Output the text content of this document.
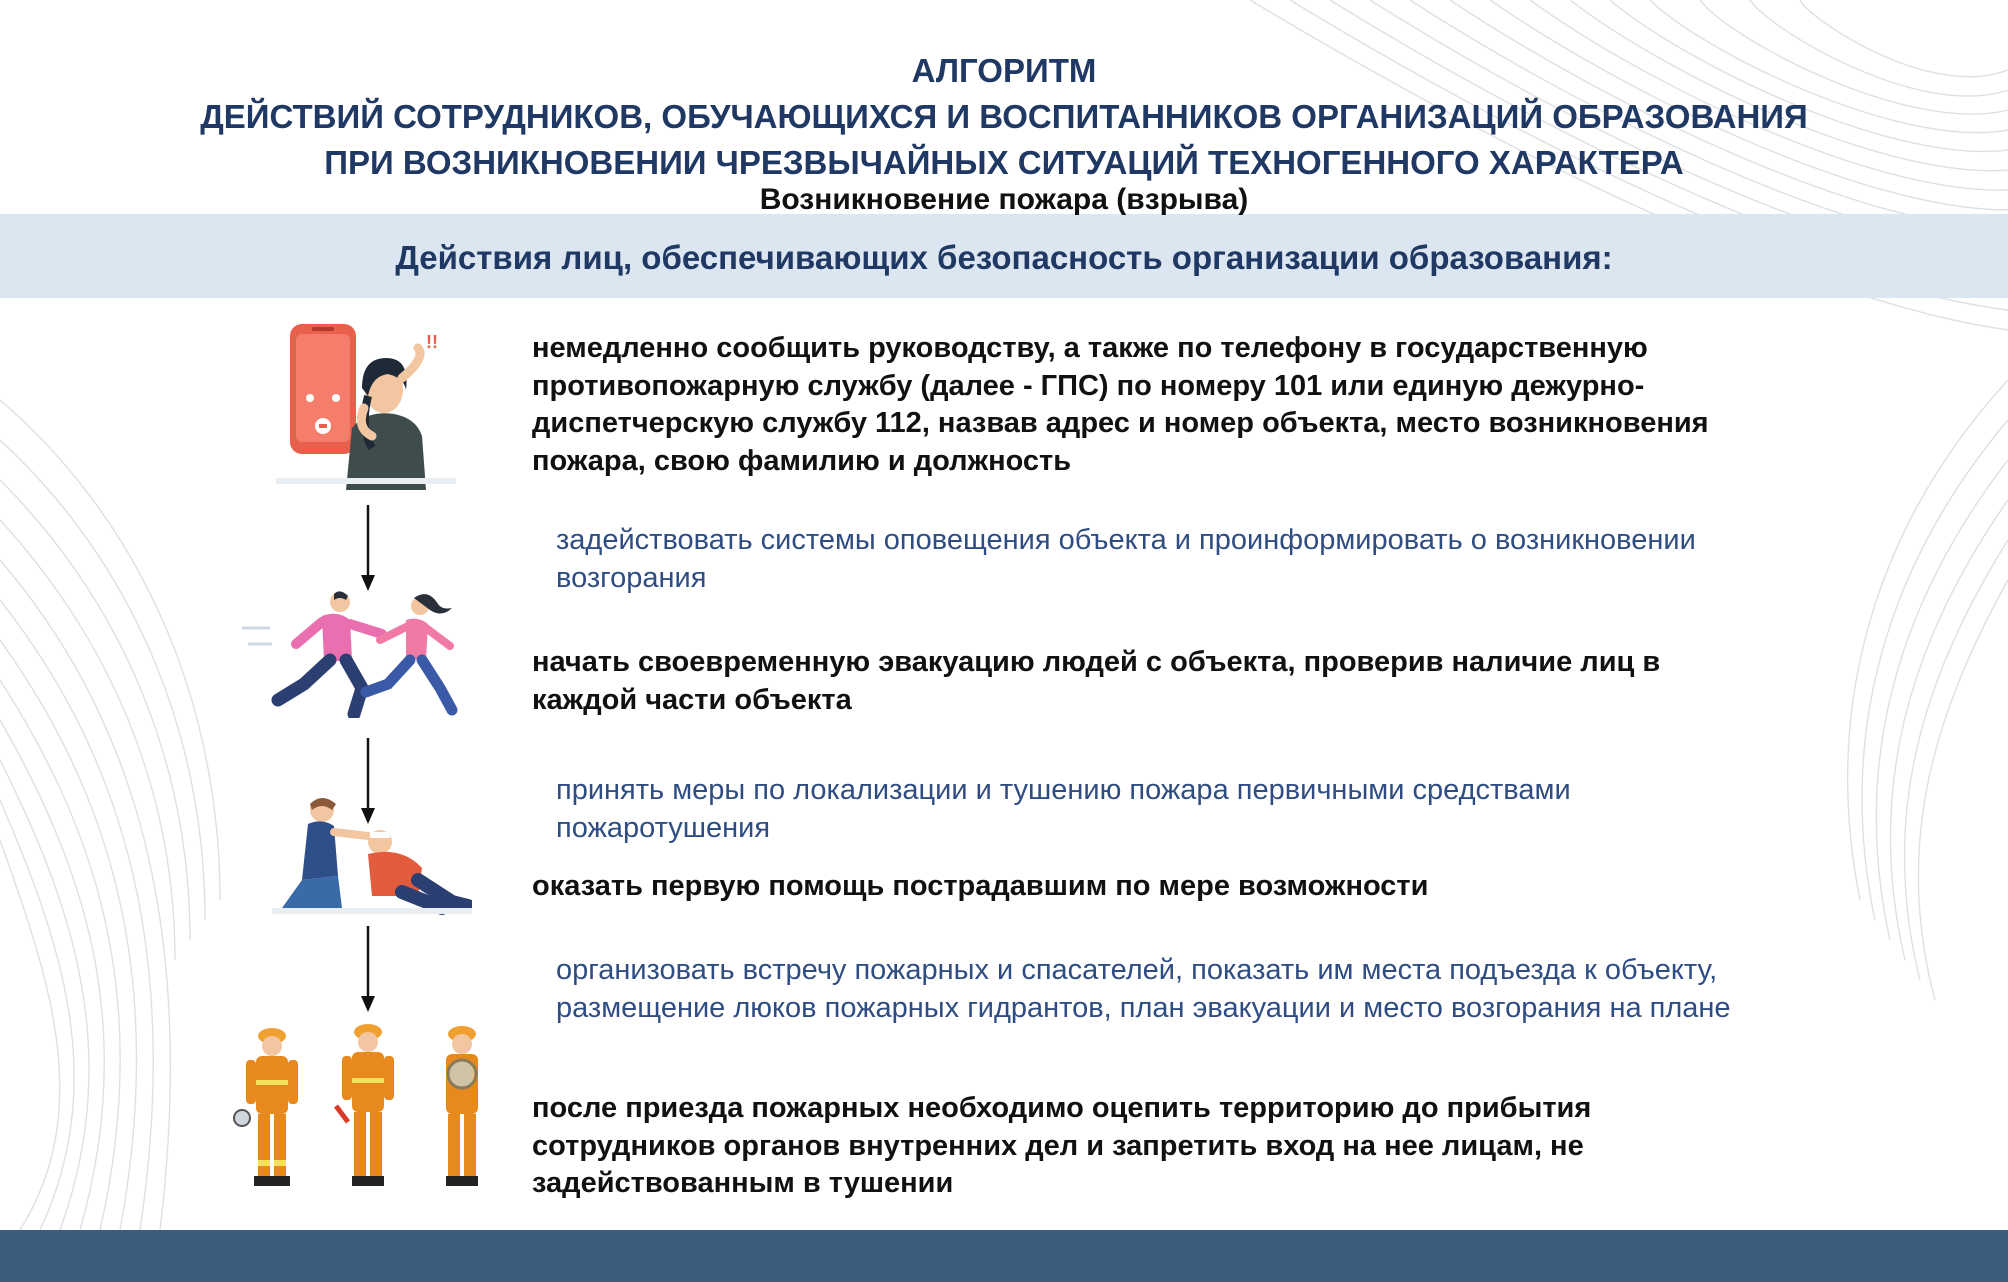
АЛГОРИТМ
ДЕЙСТВИЙ СОТРУДНИКОВ, ОБУЧАЮЩИХСЯ И ВОСПИТАННИКОВ ОРГАНИЗАЦИЙ ОБРАЗОВАНИЯ
ПРИ ВОЗНИКНОВЕНИИ ЧРЕЗВЫЧАЙНЫХ СИТУАЦИЙ ТЕХНОГЕННОГО ХАРАКТЕРА
Возникновение пожара (взрыва)
Действия лиц, обеспечивающих безопасность организации образования:
!!	немедленно сообщить руководству, а также по телефону в государственную противопожарную службу (далее - ГПС) по номеру 101 или единую дежурно-диспетчерскую службу 112, назвав адрес и номер объекта, место возникновения пожара, свою фамилию и должность
задействовать системы оповещения объекта и проинформировать о возникновении возгорания
начать своевременную эвакуацию людей с объекта, проверив наличие лиц в каждой части объекта
принять меры по локализации и тушению пожара первичными средствами пожаротушения
оказать первую помощь пострадавшим по мере возможности
организовать встречу пожарных и спасателей, показать им места подъезда к объекту, размещение люков пожарных гидрантов, план эвакуации и место возгорания на плане
после приезда пожарных необходимо оцепить территорию до прибытия сотрудников органов внутренних дел и запретить вход на нее лицам, не задействованным в тушении
